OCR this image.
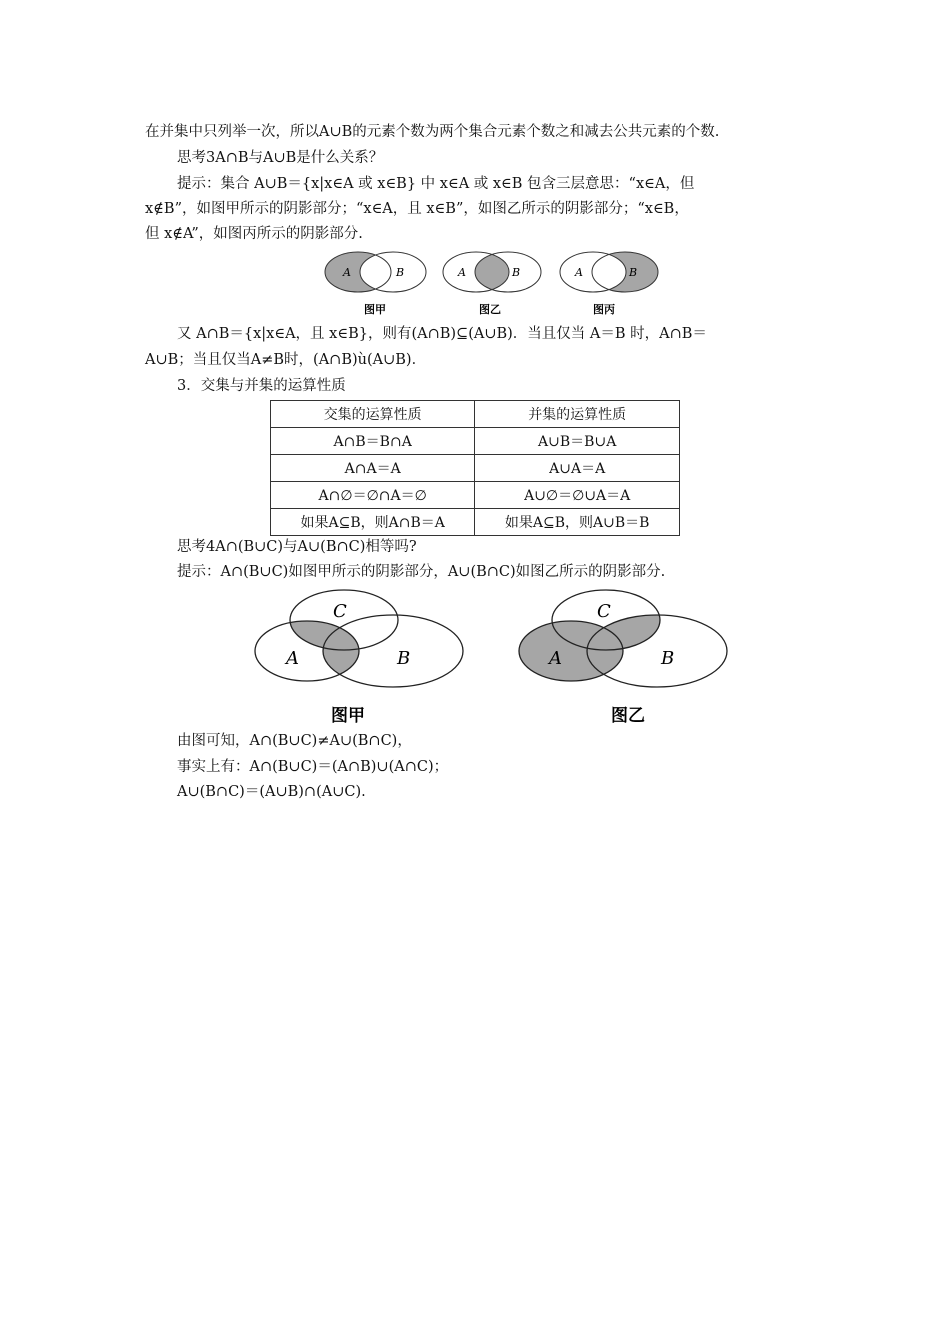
在并集中只列举一次，所以A∪B的元素个数为两个集合元素个数之和减去公共元素的个数.
思考3A∩B与A∪B是什么关系？
提示：集合 A∪B＝{x|x∈A 或 x∈B} 中 x∈A 或 x∈B 包含三层意思：“x∈A，但
x∉B”，如图甲所示的阴影部分；“x∈A，且 x∈B”，如图乙所示的阴影部分；“x∈B，
但 x∉A”，如图丙所示的阴影部分.
A	B	A	B	A	B
图甲	图乙	图丙
又 A∩B＝{x|x∈A，且 x∈B}，则有(A∩B)⊆(A∪B)．当且仅当 A＝B 时，A∩B＝
A∪B；当且仅当A≠B时，(A∩B)ù(A∪B)．
3．交集与并集的运算性质
交集的运算性质	并集的运算性质
A∩B＝B∩A	A∪B＝B∪A
A∩A＝A	A∪A＝A
A∩∅＝∅∩A＝∅	A∪∅＝∅∪A＝A
如果A⊆B，则A∩B＝A	如果A⊆B，则A∪B＝B
思考4A∩(B∪C)与A∪(B∩C)相等吗?
提示：A∩(B∪C)如图甲所示的阴影部分，A∪(B∩C)如图乙所示的阴影部分.
C
A	B
C
A	B
图甲	图乙
由图可知，A∩(B∪C)≠A∪(B∩C)，
事实上有：A∩(B∪C)＝(A∩B)∪(A∩C)；
A∪(B∩C)＝(A∪B)∩(A∪C).
